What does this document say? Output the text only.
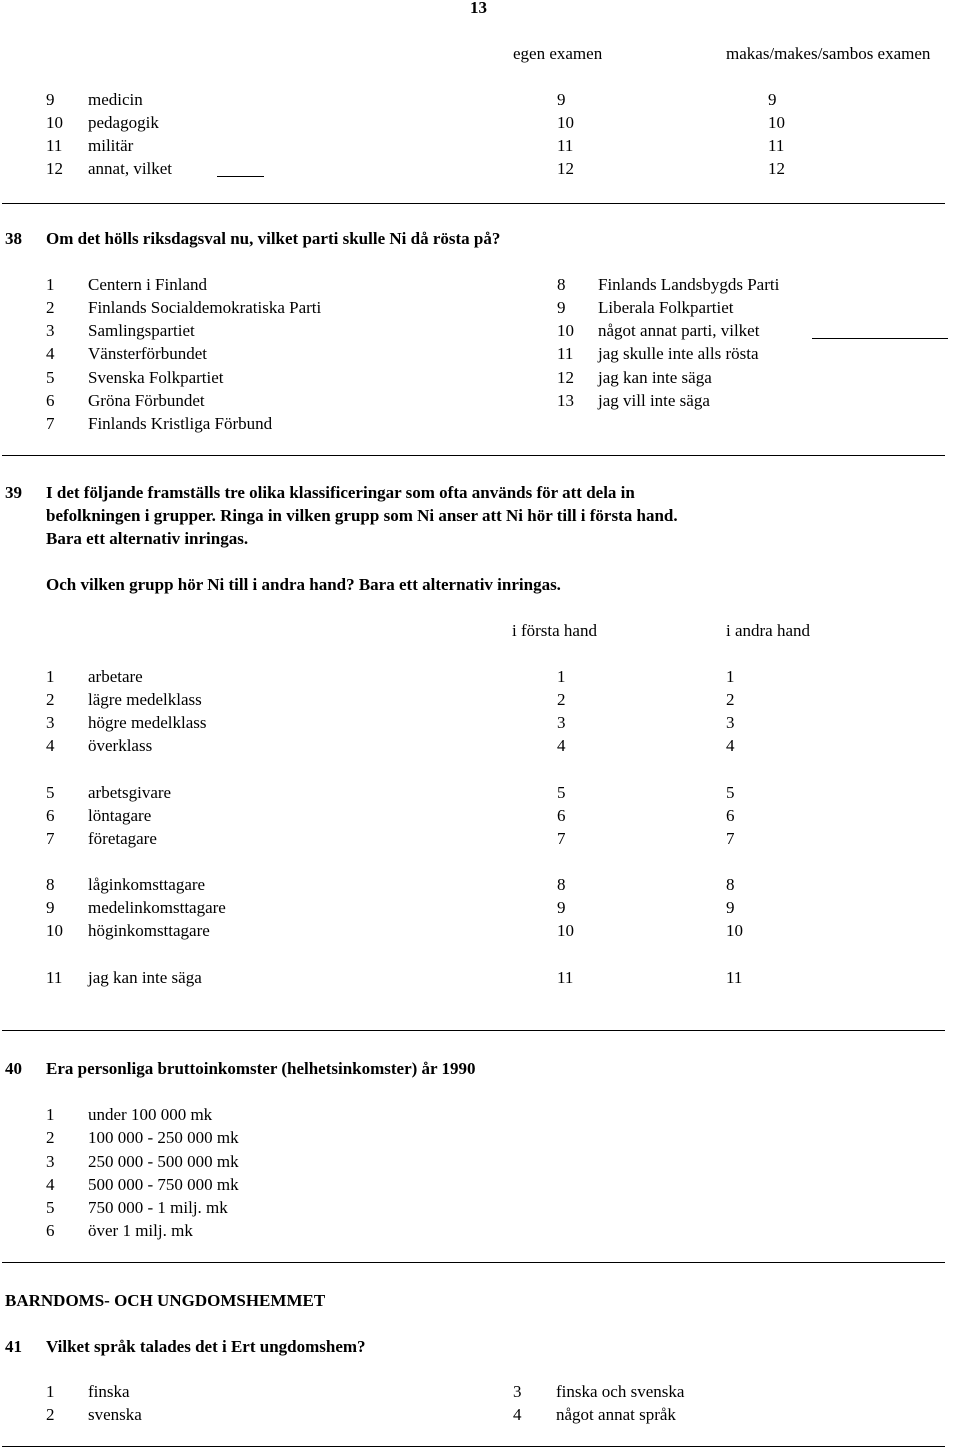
13
egen examen	makas/makes/sambos examen
9 medicin	9	9
10 pedagogik	10	10
11 militär	11	11
12 annat, vilket	12	12
38 Om det hölls riksdagsval nu, vilket parti skulle Ni då rösta på?
1 Centern i Finland
2 Finlands Socialdemokratiska Parti
3 Samlingspartiet
4 Vänsterförbundet
5 Svenska Folkpartiet
6 Gröna Förbundet
7 Finlands Kristliga Förbund
8 Finlands Landsbygds Parti
9 Liberala Folkpartiet
10 något annat parti, vilket
11 jag skulle inte alls rösta
12 jag kan inte säga
13 jag vill inte säga
39 I det följande framställs tre olika klassificeringar som ofta används för att dela in
befolkningen i grupper. Ringa in vilken grupp som Ni anser att Ni hör till i första hand.
Bara ett alternativ inringas.
Och vilken grupp hör Ni till i andra hand? Bara ett alternativ inringas.
i första hand	i andra hand
1 arbetare	1	1
2 lägre medelklass	2	2
3 högre medelklass	3	3
4 överklass	4	4
5 arbetsgivare	5	5
6 löntagare	6	6
7 företagare	7	7
8 låginkomsttagare	8	8
9 medelinkomsttagare	9	9
10 höginkomsttagare	10	10
11 jag kan inte säga	11	11
40 Era personliga bruttoinkomster (helhetsinkomster) år 1990
1 under 100 000 mk
2 100 000 - 250 000 mk
3 250 000 - 500 000 mk
4 500 000 - 750 000 mk
5 750 000 - 1 milj. mk
6 över 1 milj. mk
BARNDOMS- OCH UNGDOMSHEMMET
41 Vilket språk talades det i Ert ungdomshem?
1 finska
2 svenska
3 finska och svenska
4 något annat språk
